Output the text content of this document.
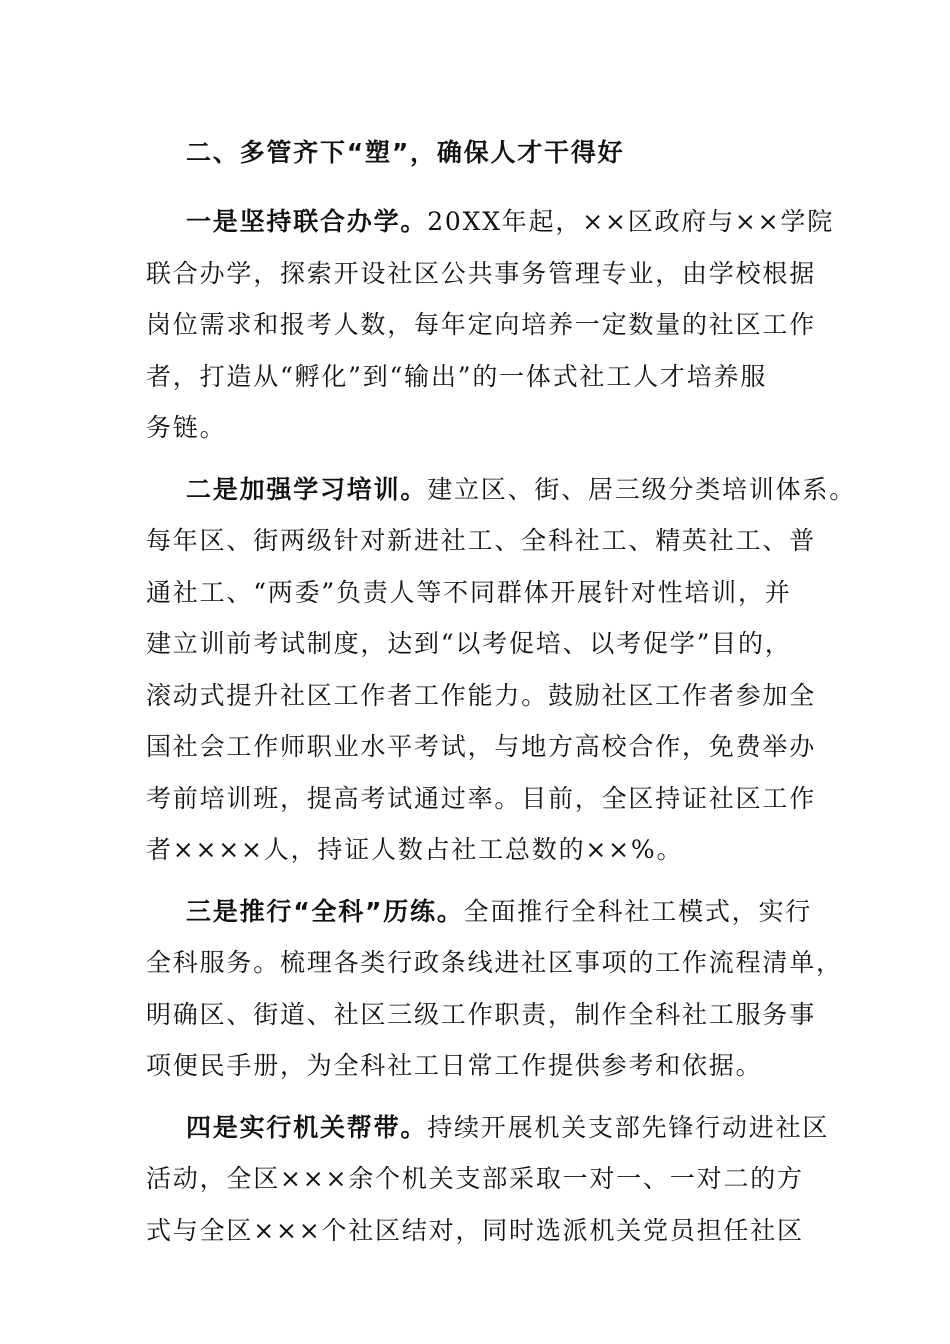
二、多管齐下“塑”，确保人才干得好
一是坚持联合办学。20XX年起，××区政府与××学院
联合办学，探索开设社区公共事务管理专业，由学校根据
岗位需求和报考人数，每年定向培养一定数量的社区工作
者，打造从“孵化”到“输出”的一体式社工人才培养服
务链。
二是加强学习培训。建立区、街、居三级分类培训体系。
每年区、街两级针对新进社工、全科社工、精英社工、普
通社工、“两委”负责人等不同群体开展针对性培训，并
建立训前考试制度，达到“以考促培、以考促学”目的，
滚动式提升社区工作者工作能力。鼓励社区工作者参加全
国社会工作师职业水平考试，与地方高校合作，免费举办
考前培训班，提高考试通过率。目前，全区持证社区工作
者××××人，持证人数占社工总数的××%。
三是推行“全科”历练。全面推行全科社工模式，实行
全科服务。梳理各类行政条线进社区事项的工作流程清单，
明确区、街道、社区三级工作职责，制作全科社工服务事
项便民手册，为全科社工日常工作提供参考和依据。
四是实行机关帮带。持续开展机关支部先锋行动进社区
活动，全区×××余个机关支部采取一对一、一对二的方
式与全区×××个社区结对，同时选派机关党员担任社区
